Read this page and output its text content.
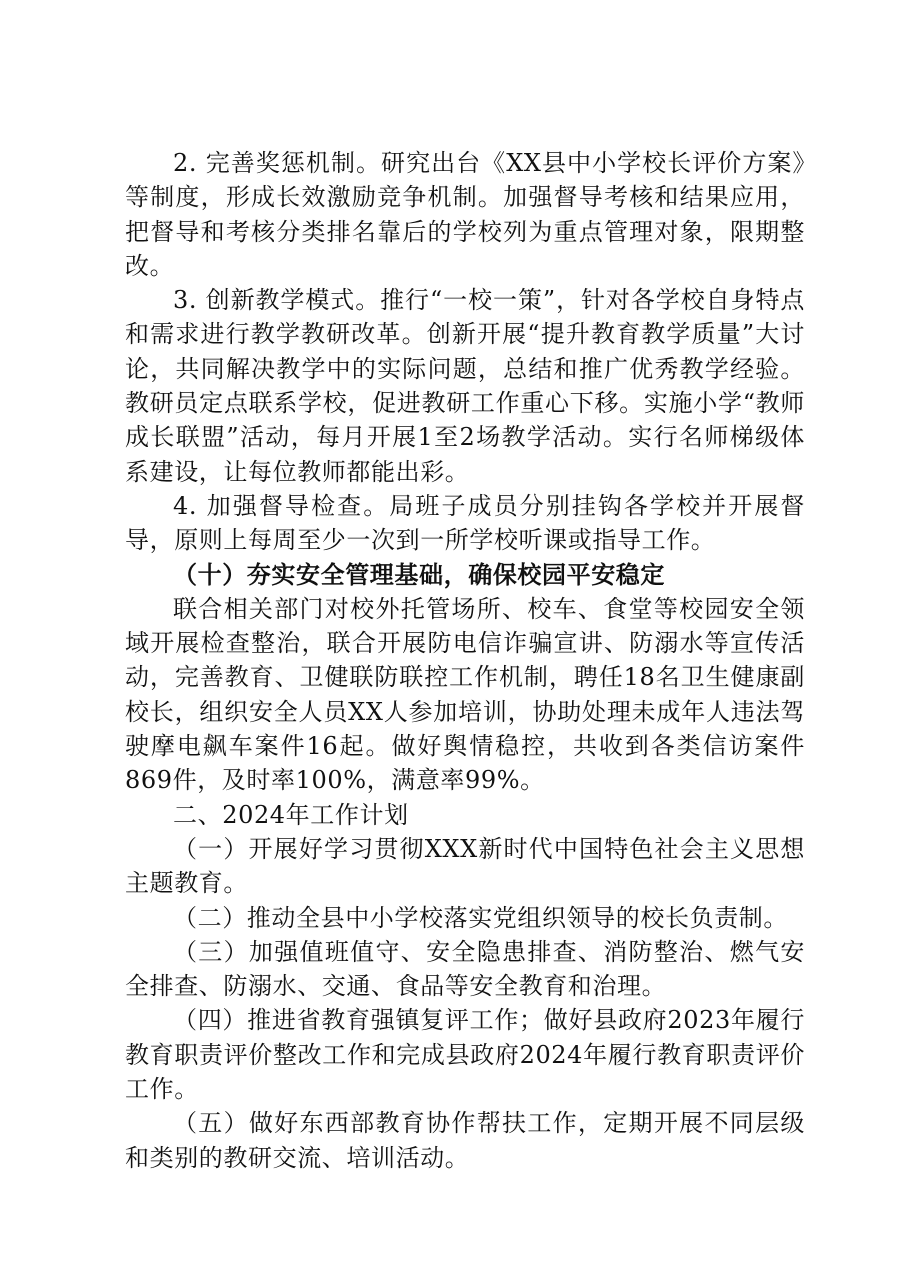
2. 完善奖惩机制。研究出台《XX县中小学校长评价方案》等制度，形成长效激励竞争机制。加强督导考核和结果应用，把督导和考核分类排名靠后的学校列为重点管理对象，限期整改。

3. 创新教学模式。推行“一校一策”，针对各学校自身特点和需求进行教学教研改革。创新开展“提升教育教学质量”大讨论，共同解决教学中的实际问题，总结和推广优秀教学经验。教研员定点联系学校，促进教研工作重心下移。实施小学“教师成长联盟”活动，每月开展1至2场教学活动。实行名师梯级体系建设，让每位教师都能出彩。

4. 加强督导检查。局班子成员分别挂钩各学校并开展督导，原则上每周至少一次到一所学校听课或指导工作。

（十）夯实安全管理基础，确保校园平安稳定

联合相关部门对校外托管场所、校车、食堂等校园安全领域开展检查整治，联合开展防电信诈骗宣讲、防溺水等宣传活动，完善教育、卫健联防联控工作机制，聘任18名卫生健康副校长，组织安全人员XX人参加培训，协助处理未成年人违法驾驶摩电飙车案件16起。做好舆情稳控，共收到各类信访案件869件，及时率100%，满意率99%。

二、2024年工作计划

（一）开展好学习贯彻XXX新时代中国特色社会主义思想主题教育。

（二）推动全县中小学校落实党组织领导的校长负责制。

（三）加强值班值守、安全隐患排查、消防整治、燃气安全排查、防溺水、交通、食品等安全教育和治理。

（四）推进省教育强镇复评工作；做好县政府2023年履行教育职责评价整改工作和完成县政府2024年履行教育职责评价工作。

（五）做好东西部教育协作帮扶工作，定期开展不同层级和类别的教研交流、培训活动。
